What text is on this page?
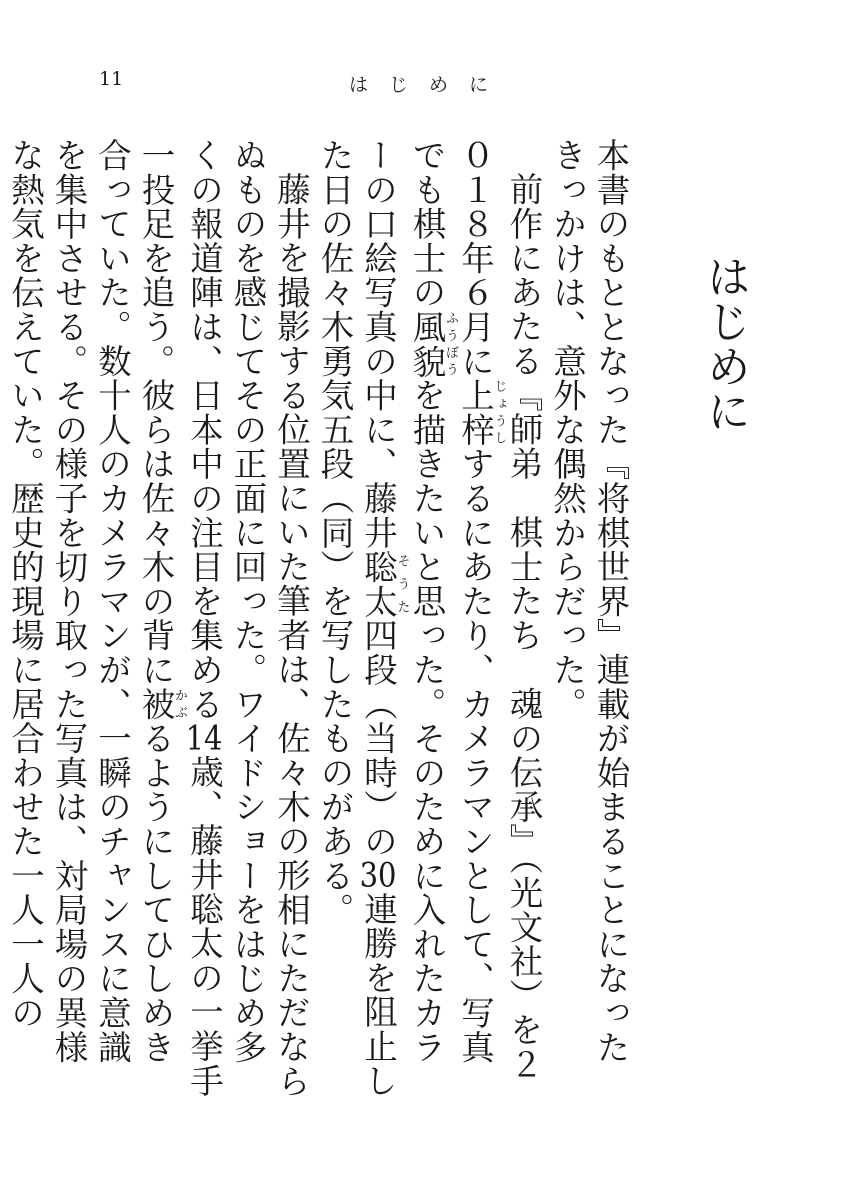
11	はじめに

はじめに

本書のもととなった『将棋世界』連載が始まることになったきっかけは、意外な偶然からだった。

前作にあたる『師弟　棋士たち　魂の伝承』（光文社）を２０１８年６月に上梓じょうしするにあたり、カメラマンとして、写真でも棋士の風貌ふうぼうを描きたいと思った。そのために入れたカラーの口絵写真の中に、藤井聡太そうた四段（当時）の30連勝を阻止した日の佐々木勇気五段（同）を写したものがある。

藤井を撮影する位置にいた筆者は、佐々木の形相にただならぬものを感じてその正面に回った。ワイドショーをはじめ多くの報道陣は、日本中の注目を集める14歳、藤井聡太の一挙手一投足を追う。彼らは佐々木の背に被かぶるようにしてひしめき合っていた。数十人のカメラマンが、一瞬のチャンスに意識を集中させる。その様子を切り取った写真は、対局場の異様な熱気を伝えていた。歴史的現場に居合わせた一人一人の
